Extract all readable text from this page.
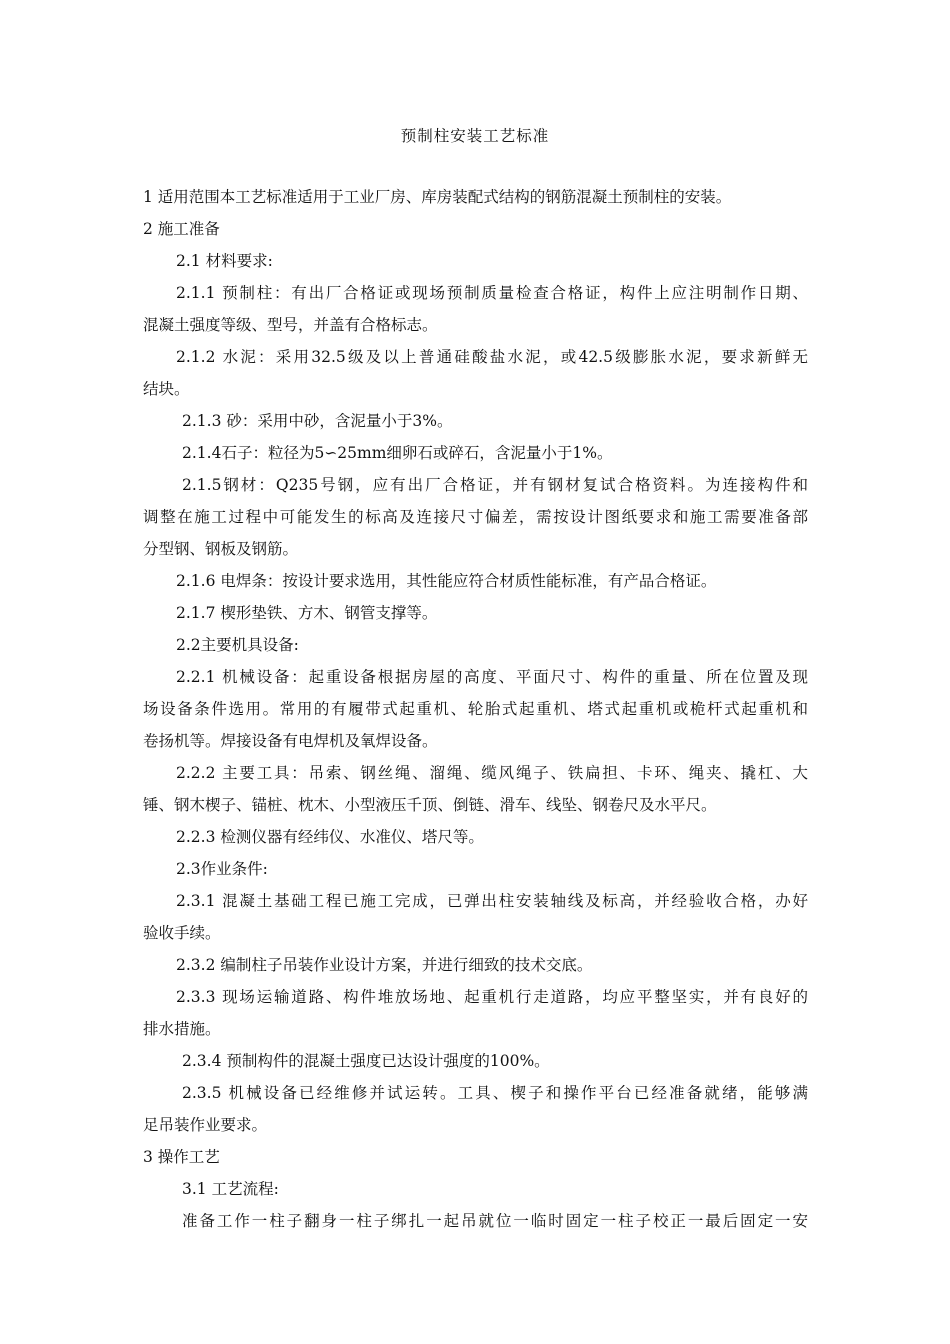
预制柱安装工艺标准
1 适用范围本工艺标准适用于工业厂房、库房装配式结构的钢筋混凝土预制柱的安装。
2 施工准备
2.1 材料要求:
2.1.1 预制柱：有出厂合格证或现场预制质量检查合格证，构件上应注明制作日期、
混凝土强度等级、型号，并盖有合格标志。
2.1.2 水泥：采用32.5级及以上普通硅酸盐水泥，或42.5级膨胀水泥，要求新鲜无
结块。
2.1.3 砂：采用中砂，含泥量小于3%。
2.1.4石子：粒径为5∽25mm细卵石或碎石，含泥量小于1%。
2.1.5钢材：Q235号钢，应有出厂合格证，并有钢材复试合格资料。为连接构件和
调整在施工过程中可能发生的标高及连接尺寸偏差，需按设计图纸要求和施工需要准备部
分型钢、钢板及钢筋。
2.1.6 电焊条：按设计要求选用，其性能应符合材质性能标准，有产品合格证。
2.1.7 楔形垫铁、方木、钢管支撑等。
2.2主要机具设备:
2.2.1 机械设备：起重设备根据房屋的高度、平面尺寸、构件的重量、所在位置及现
场设备条件选用。常用的有履带式起重机、轮胎式起重机、塔式起重机或桅杆式起重机和
卷扬机等。焊接设备有电焊机及氧焊设备。
2.2.2 主要工具：吊索、钢丝绳、溜绳、缆风绳子、铁扁担、卡环、绳夹、撬杠、大
锤、钢木楔子、锚桩、枕木、小型液压千顶、倒链、滑车、线坠、钢卷尺及水平尺。
2.2.3 检测仪器有经纬仪、水准仪、塔尺等。
2.3作业条件:
2.3.1 混凝土基础工程已施工完成，已弹出柱安装轴线及标高，并经验收合格，办好
验收手续。
2.3.2 编制柱子吊装作业设计方案，并进行细致的技术交底。
2.3.3 现场运输道路、构件堆放场地、起重机行走道路，均应平整坚实，并有良好的
排水措施。
2.3.4 预制构件的混凝土强度已达设计强度的100%。
2.3.5 机械设备已经维修并试运转。工具、楔子和操作平台已经准备就绪，能够满
足吊装作业要求。
3 操作工艺
3.1 工艺流程:
准备工作一柱子翻身一柱子绑扎一起吊就位一临时固定一柱子校正一最后固定一安
